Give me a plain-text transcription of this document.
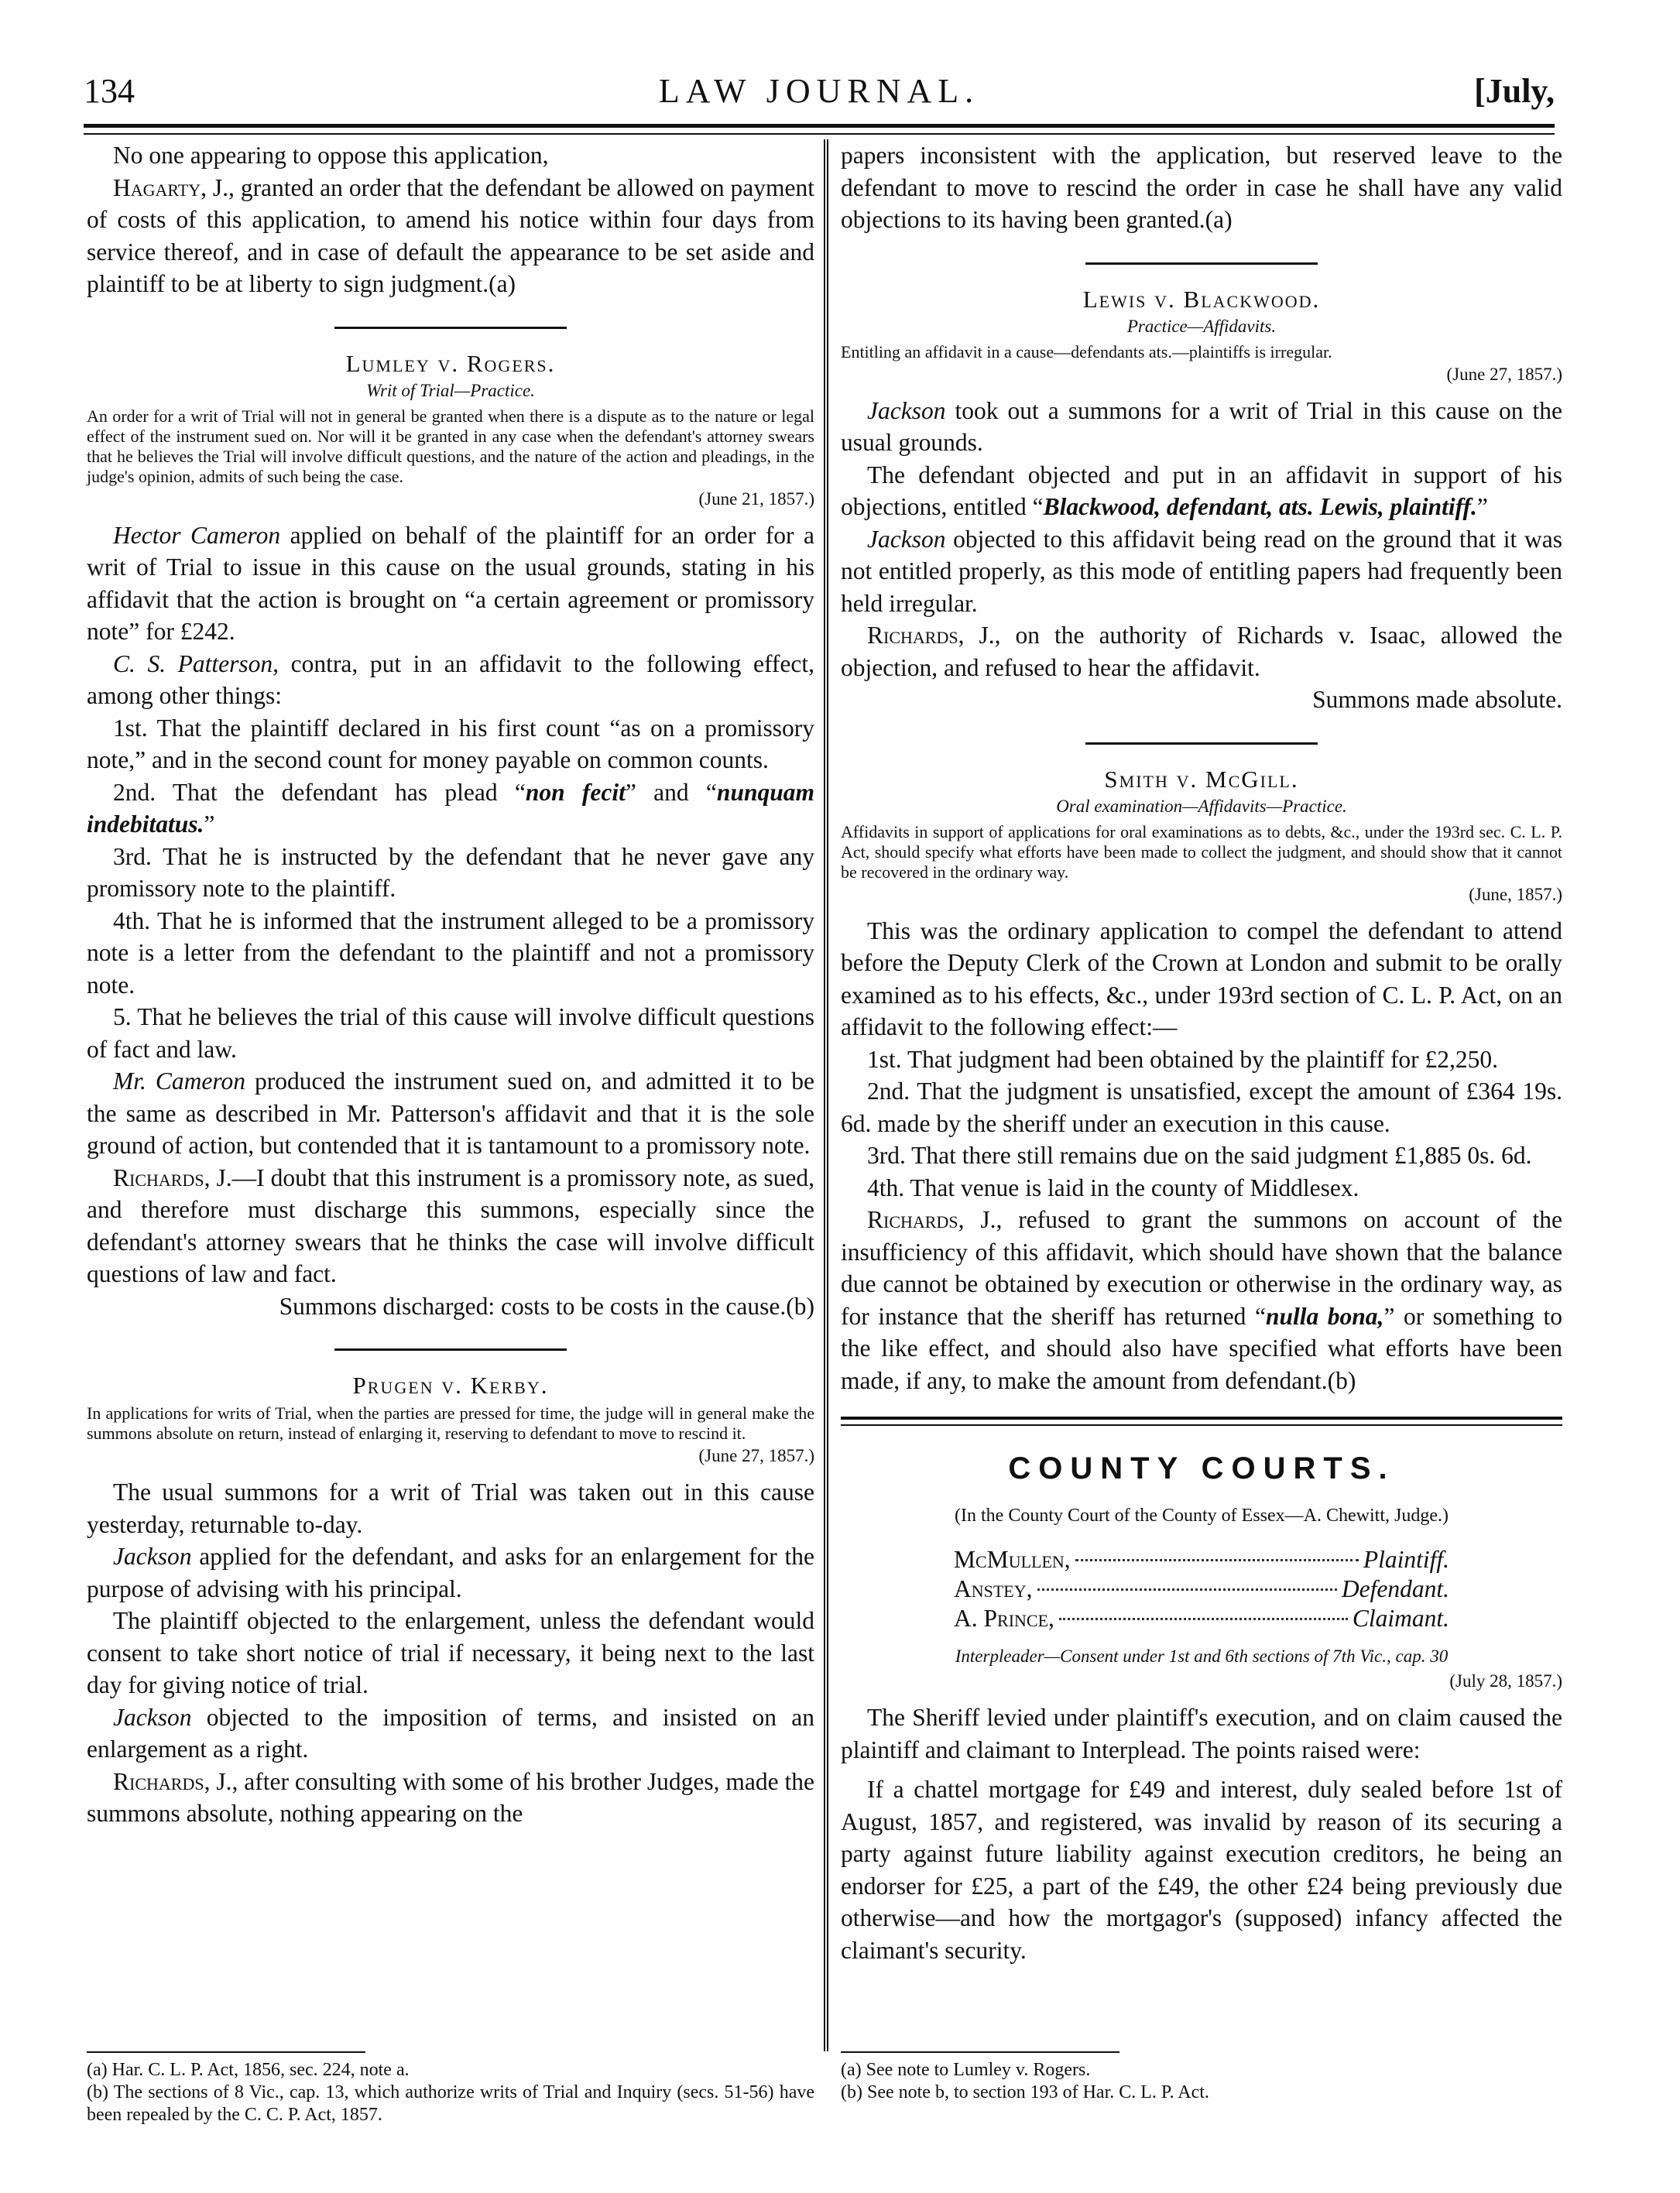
134	LAW JOURNAL.	[July,

No one appearing to oppose this application,

Hagarty, J., granted an order that the defendant be allowed on payment of costs of this application, to amend his notice within four days from service thereof, and in case of default the appearance to be set aside and plaintiff to be at liberty to sign judgment.(a)

Lumley v. Rogers.
Writ of Trial—Practice.
An order for a writ of Trial will not in general be granted when there is a dispute as to the nature or legal effect of the instrument sued on. Nor will it be granted in any case when the defendant's attorney swears that he believes the Trial will involve difficult questions, and the nature of the action and pleadings, in the judge's opinion, admits of such being the case.
(June 21, 1857.)

Hector Cameron applied on behalf of the plaintiff for an order for a writ of Trial to issue in this cause on the usual grounds, stating in his affidavit that the action is brought on “a certain agreement or promissory note” for £242.

C. S. Patterson, contra, put in an affidavit to the following effect, among other things:

1st. That the plaintiff declared in his first count “as on a promissory note,” and in the second count for money payable on common counts.

2nd. That the defendant has plead “non fecit” and “nunquam indebitatus.”

3rd. That he is instructed by the defendant that he never gave any promissory note to the plaintiff.

4th. That he is informed that the instrument alleged to be a promissory note is a letter from the defendant to the plaintiff and not a promissory note.

5. That he believes the trial of this cause will involve difficult questions of fact and law.

Mr. Cameron produced the instrument sued on, and admitted it to be the same as described in Mr. Patterson's affidavit and that it is the sole ground of action, but contended that it is tantamount to a promissory note.

Richards, J.—I doubt that this instrument is a promissory note, as sued, and therefore must discharge this summons, especially since the defendant's attorney swears that he thinks the case will involve difficult questions of law and fact.

Summons discharged: costs to be costs in the cause.(b)

Prugen v. Kerby.
In applications for writs of Trial, when the parties are pressed for time, the judge will in general make the summons absolute on return, instead of enlarging it, reserving to defendant to move to rescind it.
(June 27, 1857.)

The usual summons for a writ of Trial was taken out in this cause yesterday, returnable to-day.

Jackson applied for the defendant, and asks for an enlargement for the purpose of advising with his principal.

The plaintiff objected to the enlargement, unless the defendant would consent to take short notice of trial if necessary, it being next to the last day for giving notice of trial.

Jackson objected to the imposition of terms, and insisted on an enlargement as a right.

Richards, J., after consulting with some of his brother Judges, made the summons absolute, nothing appearing on the

(a) Har. C. L. P. Act, 1856, sec. 224, note a.

(b) The sections of 8 Vic., cap. 13, which authorize writs of Trial and Inquiry (secs. 51-56) have been repealed by the C. C. P. Act, 1857.

papers inconsistent with the application, but reserved leave to the defendant to move to rescind the order in case he shall have any valid objections to its having been granted.(a)

Lewis v. Blackwood.
Practice—Affidavits.
Entitling an affidavit in a cause—defendants ats.—plaintiffs is irregular.
(June 27, 1857.)

Jackson took out a summons for a writ of Trial in this cause on the usual grounds.

The defendant objected and put in an affidavit in support of his objections, entitled “Blackwood, defendant, ats. Lewis, plaintiff.”

Jackson objected to this affidavit being read on the ground that it was not entitled properly, as this mode of entitling papers had frequently been held irregular.

Richards, J., on the authority of Richards v. Isaac, allowed the objection, and refused to hear the affidavit.

Summons made absolute.

Smith v. McGill.
Oral examination—Affidavits—Practice.
Affidavits in support of applications for oral examinations as to debts, &c., under the 193rd sec. C. L. P. Act, should specify what efforts have been made to collect the judgment, and should show that it cannot be recovered in the ordinary way.
(June, 1857.)

This was the ordinary application to compel the defendant to attend before the Deputy Clerk of the Crown at London and submit to be orally examined as to his effects, &c., under 193rd section of C. L. P. Act, on an affidavit to the following effect:—

1st. That judgment had been obtained by the plaintiff for £2,250.

2nd. That the judgment is unsatisfied, except the amount of £364 19s. 6d. made by the sheriff under an execution in this cause.

3rd. That there still remains due on the said judgment £1,885 0s. 6d.

4th. That venue is laid in the county of Middlesex.

Richards, J., refused to grant the summons on account of the insufficiency of this affidavit, which should have shown that the balance due cannot be obtained by execution or otherwise in the ordinary way, as for instance that the sheriff has returned “nulla bona,” or something to the like effect, and should also have specified what efforts have been made, if any, to make the amount from defendant.(b)

COUNTY COURTS.
(In the County Court of the County of Essex—A. Chewitt, Judge.)
McMullen,	Plaintiff.
Anstey,	Defendant.
A. Prince,	Claimant.
Interpleader—Consent under 1st and 6th sections of 7th Vic., cap. 30
(July 28, 1857.)

The Sheriff levied under plaintiff's execution, and on claim caused the plaintiff and claimant to Interplead. The points raised were:

If a chattel mortgage for £49 and interest, duly sealed before 1st of August, 1857, and registered, was invalid by reason of its securing a party against future liability against execution creditors, he being an endorser for £25, a part of the £49, the other £24 being previously due otherwise—and how the mortgagor's (supposed) infancy affected the claimant's security.

(a) See note to Lumley v. Rogers.

(b) See note b, to section 193 of Har. C. L. P. Act.
